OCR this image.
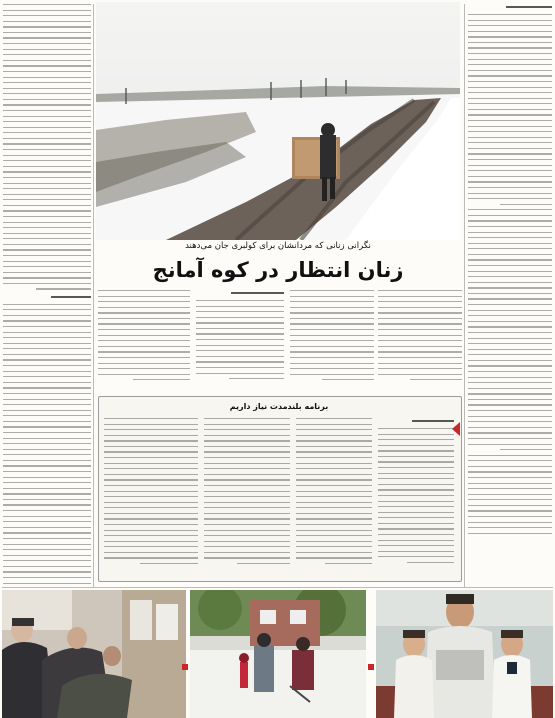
نگرانی زنانی که مردانشان برای کولبری جان می‌دهند
زنان انتظار در کوه آمانج
برنامه بلندمدت نیاز داریم
